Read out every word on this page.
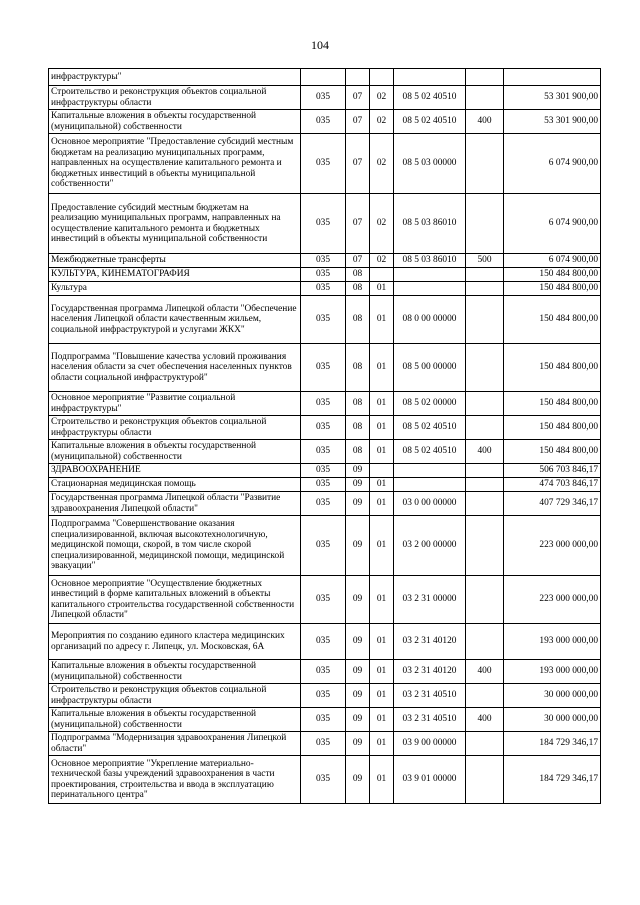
104
инфраструктуры"						
Строительство и реконструкция объектов социальной инфраструктуры области	035	07	02	08 5 02 40510		53 301 900,00
Капитальные вложения в объекты государственной (муниципальной) собственности	035	07	02	08 5 02 40510	400	53 301 900,00
Основное мероприятие "Предоставление субсидий местным бюджетам на реализацию муниципальных программ, направленных на осуществление капитального ремонта и бюджетных инвестиций в объекты муниципальной собственности"	035	07	02	08 5 03 00000		6 074 900,00
Предоставление субсидий местным бюджетам на реализацию муниципальных программ, направленных на осуществление капитального ремонта и бюджетных инвестиций в объекты муниципальной собственности	035	07	02	08 5 03 86010		6 074 900,00
Межбюджетные трансферты	035	07	02	08 5 03 86010	500	6 074 900,00
КУЛЬТУРА, КИНЕМАТОГРАФИЯ	035	08				150 484 800,00
Культура	035	08	01			150 484 800,00
Государственная программа Липецкой области "Обеспечение населения Липецкой области качественным жильем, социальной инфраструктурой и услугами ЖКХ"	035	08	01	08 0 00 00000		150 484 800,00
Подпрограмма "Повышение качества условий проживания населения области за счет обеспечения населенных пунктов области социальной инфраструктурой"	035	08	01	08 5 00 00000		150 484 800,00
Основное мероприятие "Развитие социальной инфраструктуры"	035	08	01	08 5 02 00000		150 484 800,00
Строительство и реконструкция объектов социальной инфраструктуры области	035	08	01	08 5 02 40510		150 484 800,00
Капитальные вложения в объекты государственной (муниципальной) собственности	035	08	01	08 5 02 40510	400	150 484 800,00
ЗДРАВООХРАНЕНИЕ	035	09				506 703 846,17
Стационарная медицинская помощь	035	09	01			474 703 846,17
Государственная программа Липецкой области "Развитие здравоохранения Липецкой области"	035	09	01	03 0 00 00000		407 729 346,17
Подпрограмма "Совершенствование оказания специализированной, включая высокотехнологичную, медицинской помощи, скорой, в том числе скорой специализированной, медицинской помощи, медицинской эвакуации"	035	09	01	03 2 00 00000		223 000 000,00
Основное мероприятие "Осуществление бюджетных инвестиций в форме капитальных вложений в объекты капитального строительства государственной собственности Липецкой области"	035	09	01	03 2 31 00000		223 000 000,00
Мероприятия по созданию единого кластера медицинских организаций по адресу г. Липецк, ул. Московская, 6А	035	09	01	03 2 31 40120		193 000 000,00
Капитальные вложения в объекты государственной (муниципальной) собственности	035	09	01	03 2 31 40120	400	193 000 000,00
Строительство и реконструкция объектов социальной инфраструктуры области	035	09	01	03 2 31 40510		30 000 000,00
Капитальные вложения в объекты государственной (муниципальной) собственности	035	09	01	03 2 31 40510	400	30 000 000,00
Подпрограмма "Модернизация здравоохранения Липецкой области"	035	09	01	03 9 00 00000		184 729 346,17
Основное мероприятие "Укрепление материально-технической базы учреждений здравоохранения в части проектирования, строительства и ввода в эксплуатацию перинатального центра"	035	09	01	03 9 01 00000		184 729 346,17
